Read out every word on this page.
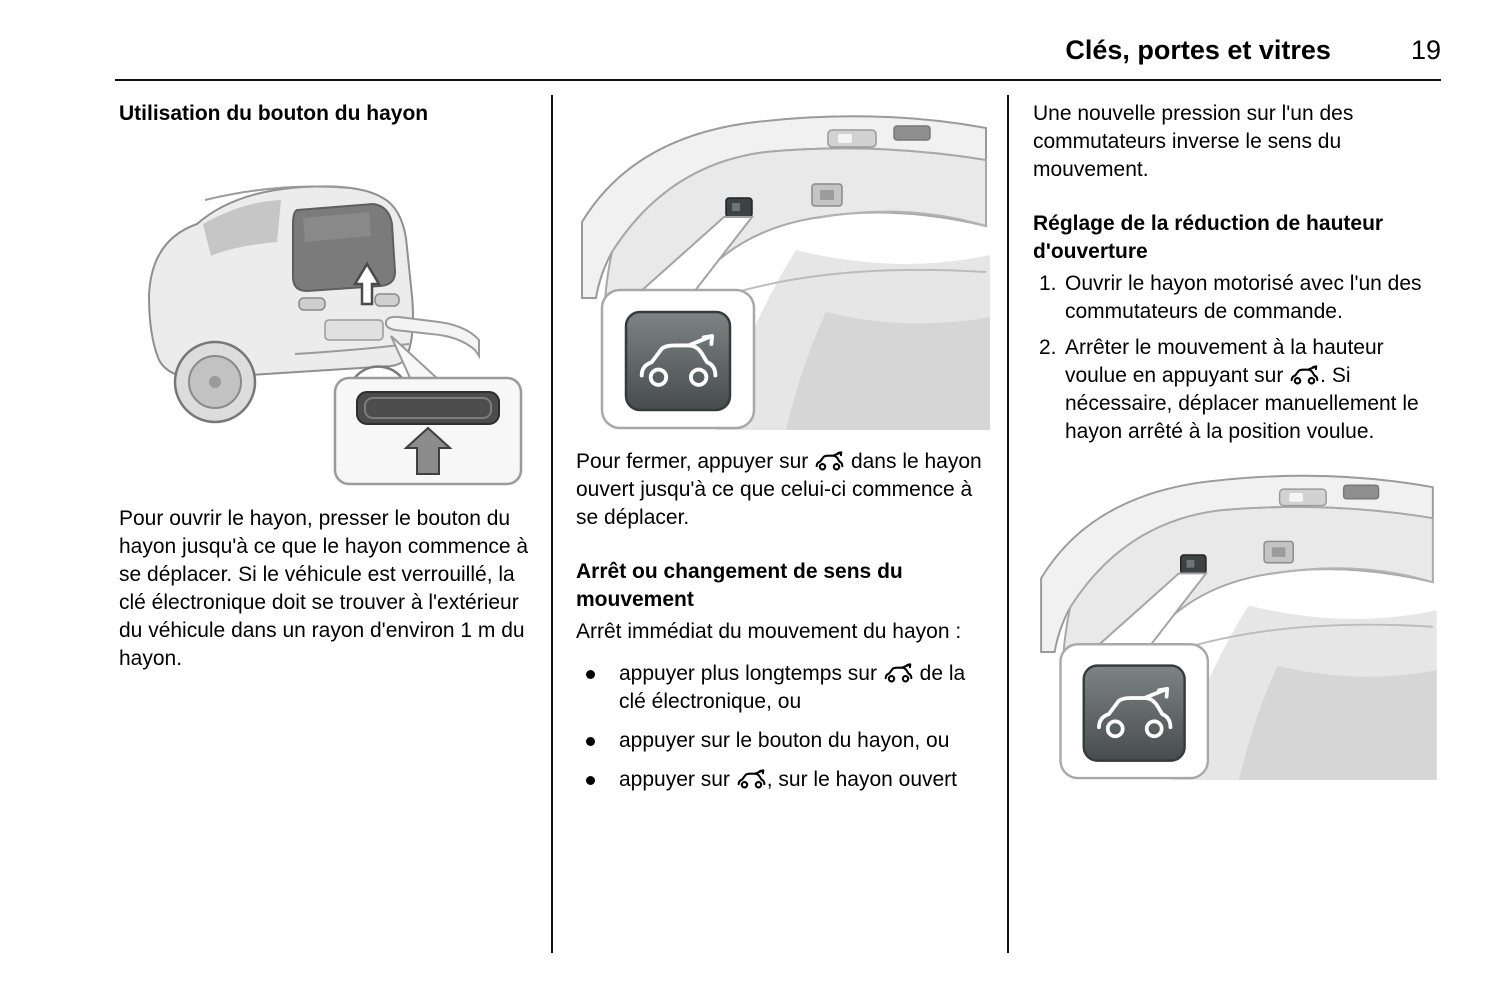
Clés, portes et vitres	19
Utilisation du bouton du hayon

Pour ouvrir le hayon, presser le bouton du hayon jusqu'à ce que le hayon commence à se déplacer. Si le véhicule est verrouillé, la clé électronique doit se trouver à l'extérieur du véhicule dans un rayon d'environ 1 m du hayon.

Pour fermer, appuyer sur  dans le hayon ouvert jusqu'à ce que celui-ci commence à se déplacer.

Arrêt ou changement de sens du mouvement

Arrêt immédiat du mouvement du hayon :

appuyer plus longtemps sur  de la clé électronique, ou
appuyer sur le bouton du hayon, ou
appuyer sur , sur le hayon ouvert

Une nouvelle pression sur l'un des commutateurs inverse le sens du mouvement.

Réglage de la réduction de hauteur d'ouverture
1. Ouvrir le hayon motorisé avec l'un des commutateurs de commande.
2. Arrêter le mouvement à la hauteur voulue en appuyant sur . Si nécessaire, déplacer manuellement le hayon arrêté à la position voulue.
